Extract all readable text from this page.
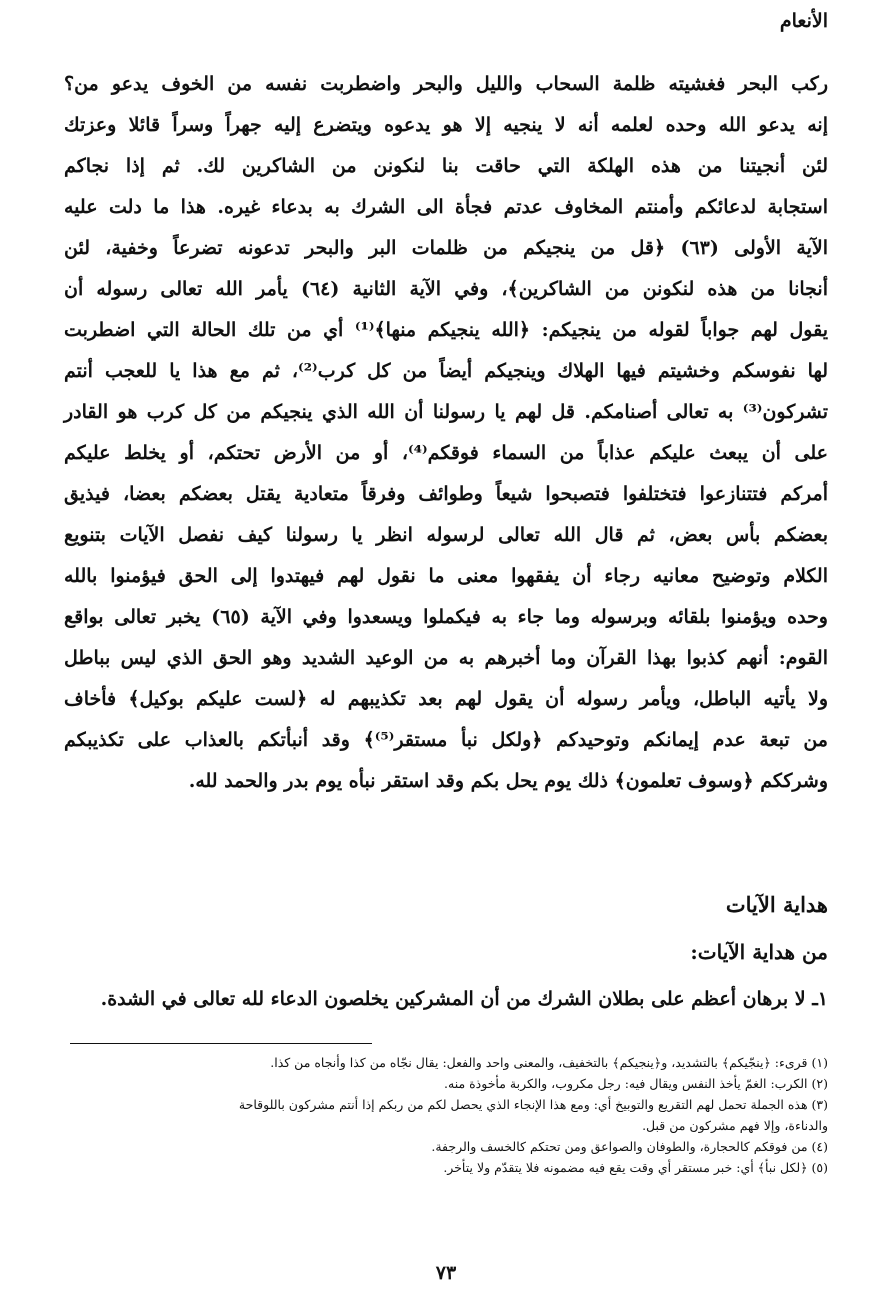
الأنعام
ركب البحر فغشيته ظلمة السحاب والليل والبحر واضطربت نفسه من الخوف يدعو من؟
إنه يدعو الله وحده لعلمه أنه لا ينجيه إلا هو يدعوه ويتضرع إليه جهراً وسراً قائلا وعزتك
لئن أنجيتنا من هذه الهلكة التي حاقت بنا لنكونن من الشاكرين لك. ثم إذا نجاكم
استجابة لدعائكم وأمنتم المخاوف عدتم فجأة الى الشرك به بدعاء غيره. هذا ما دلت عليه
الآية الأولى (٦٣) ﴿قل من ينجيكم من ظلمات البر والبحر تدعونه تضرعاً وخفية، لئن
أنجانا من هذه لنكونن من الشاكرين﴾، وفي الآية الثانية (٦٤) يأمر الله تعالى رسوله أن
يقول لهم جواباً لقوله من ينجيكم: ﴿الله ينجيكم منها﴾⁽¹⁾ أي من تلك الحالة التي اضطربت
لها نفوسكم وخشيتم فيها الهلاك وينجيكم أيضاً من كل كرب⁽²⁾، ثم مع هذا يا للعجب أنتم
تشركون⁽³⁾ به تعالى أصنامكم. قل لهم يا رسولنا أن الله الذي ينجيكم من كل كرب هو القادر
على أن يبعث عليكم عذاباً من السماء فوقكم⁽⁴⁾، أو من الأرض تحتكم، أو يخلط عليكم
أمركم فتتنازعوا فتختلفوا فتصبحوا شيعاً وطوائف وفرقاً متعادية يقتل بعضكم بعضا، فيذيق
بعضكم بأس بعض، ثم قال الله تعالى لرسوله انظر يا رسولنا كيف نفصل الآيات بتنويع
الكلام وتوضيح معانيه رجاء أن يفقهوا معنى ما نقول لهم فيهتدوا إلى الحق فيؤمنوا بالله
وحده ويؤمنوا بلقائه وبرسوله وما جاء به فيكملوا ويسعدوا وفي الآية (٦٥) يخبر تعالى بواقع
القوم: أنهم كذبوا بهذا القرآن وما أخبرهم به من الوعيد الشديد وهو الحق الذي ليس بباطل
ولا يأتيه الباطل، ويأمر رسوله أن يقول لهم بعد تكذيبهم له ﴿لست عليكم بوكيل﴾ فأخاف
من تبعة عدم إيمانكم وتوحيدكم ﴿ولكل نبأ مستقر⁽⁵⁾﴾ وقد أنبأتكم بالعذاب على تكذيبكم
وشرككم ﴿وسوف تعلمون﴾ ذلك يوم يحل بكم وقد استقر نبأه يوم بدر والحمد لله.
هداية الآيات
من هداية الآيات:
١ـ لا برهان أعظم على بطلان الشرك من أن المشركين يخلصون الدعاء لله تعالى في الشدة.
(١) قرىء: ﴿ينجّيكم﴾ بالتشديد، و﴿ينجيكم﴾ بالتخفيف، والمعنى واحد والفعل: يقال نجّاه من كذا وأنجاه من كذا.
(٢) الكرب: الغمّ يأخذ النفس ويقال فيه: رجل مكروب، والكربة مأخوذة منه.
(٣) هذه الجملة تحمل لهم التقريع والتوبيخ أي: ومع هذا الإنجاء الذي يحصل لكم من ربكم إذا أنتم مشركون باللوقاحة
والدناءة، وإلا فهم مشركون من قبل.
(٤) من فوقكم كالحجارة، والطوفان والصواعق ومن تحتكم كالخسف والرجفة.
(٥) ﴿لكل نبأ﴾ أي: خبر مستقر أي وقت يقع فيه مضمونه فلا يتقدّم ولا يتأخر.
٧٣
